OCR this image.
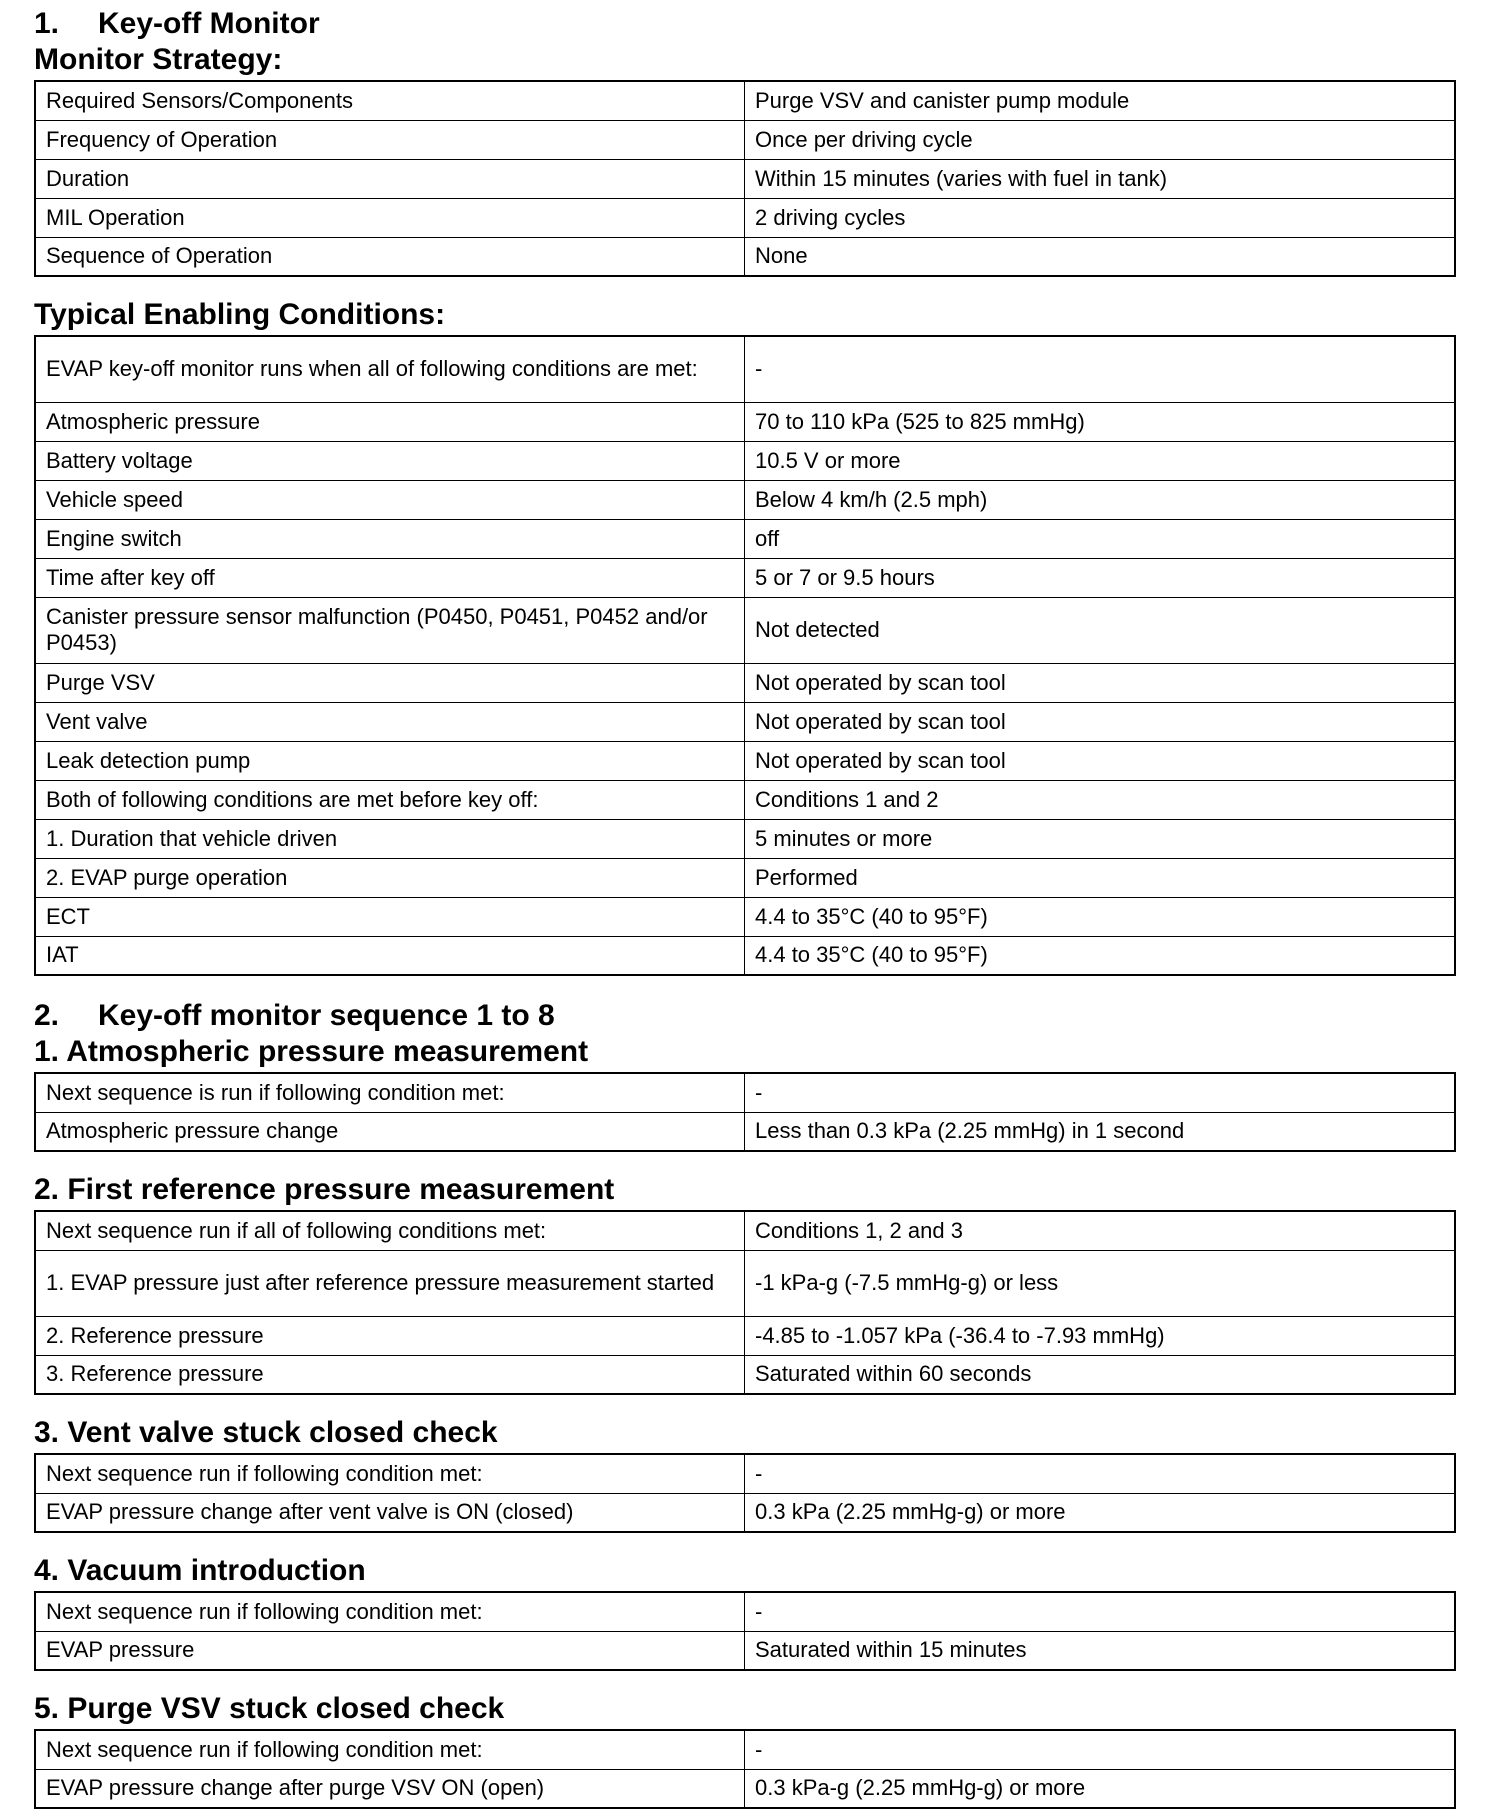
1. Key-off Monitor
Monitor Strategy:
Required Sensors/Components	Purge VSV and canister pump module
Frequency of Operation	Once per driving cycle
Duration	Within 15 minutes (varies with fuel in tank)
MIL Operation	2 driving cycles
Sequence of Operation	None
Typical Enabling Conditions:
EVAP key-off monitor runs when all of following conditions are met:	-
Atmospheric pressure	70 to 110 kPa (525 to 825 mmHg)
Battery voltage	10.5 V or more
Vehicle speed	Below 4 km/h (2.5 mph)
Engine switch	off
Time after key off	5 or 7 or 9.5 hours
Canister pressure sensor malfunction (P0450, P0451, P0452 and/or P0453)	Not detected
Purge VSV	Not operated by scan tool
Vent valve	Not operated by scan tool
Leak detection pump	Not operated by scan tool
Both of following conditions are met before key off:	Conditions 1 and 2
1. Duration that vehicle driven	5 minutes or more
2. EVAP purge operation	Performed
ECT	4.4 to 35°C (40 to 95°F)
IAT	4.4 to 35°C (40 to 95°F)
2. Key-off monitor sequence 1 to 8
1. Atmospheric pressure measurement
Next sequence is run if following condition met:	-
Atmospheric pressure change	Less than 0.3 kPa (2.25 mmHg) in 1 second
2. First reference pressure measurement
Next sequence run if all of following conditions met:	Conditions 1, 2 and 3
1. EVAP pressure just after reference pressure measurement started	-1 kPa-g (-7.5 mmHg-g) or less
2. Reference pressure	-4.85 to -1.057 kPa (-36.4 to -7.93 mmHg)
3. Reference pressure	Saturated within 60 seconds
3. Vent valve stuck closed check
Next sequence run if following condition met:	-
EVAP pressure change after vent valve is ON (closed)	0.3 kPa (2.25 mmHg-g) or more
4. Vacuum introduction
Next sequence run if following condition met:	-
EVAP pressure	Saturated within 15 minutes
5. Purge VSV stuck closed check
Next sequence run if following condition met:	-
EVAP pressure change after purge VSV ON (open)	0.3 kPa-g (2.25 mmHg-g) or more
